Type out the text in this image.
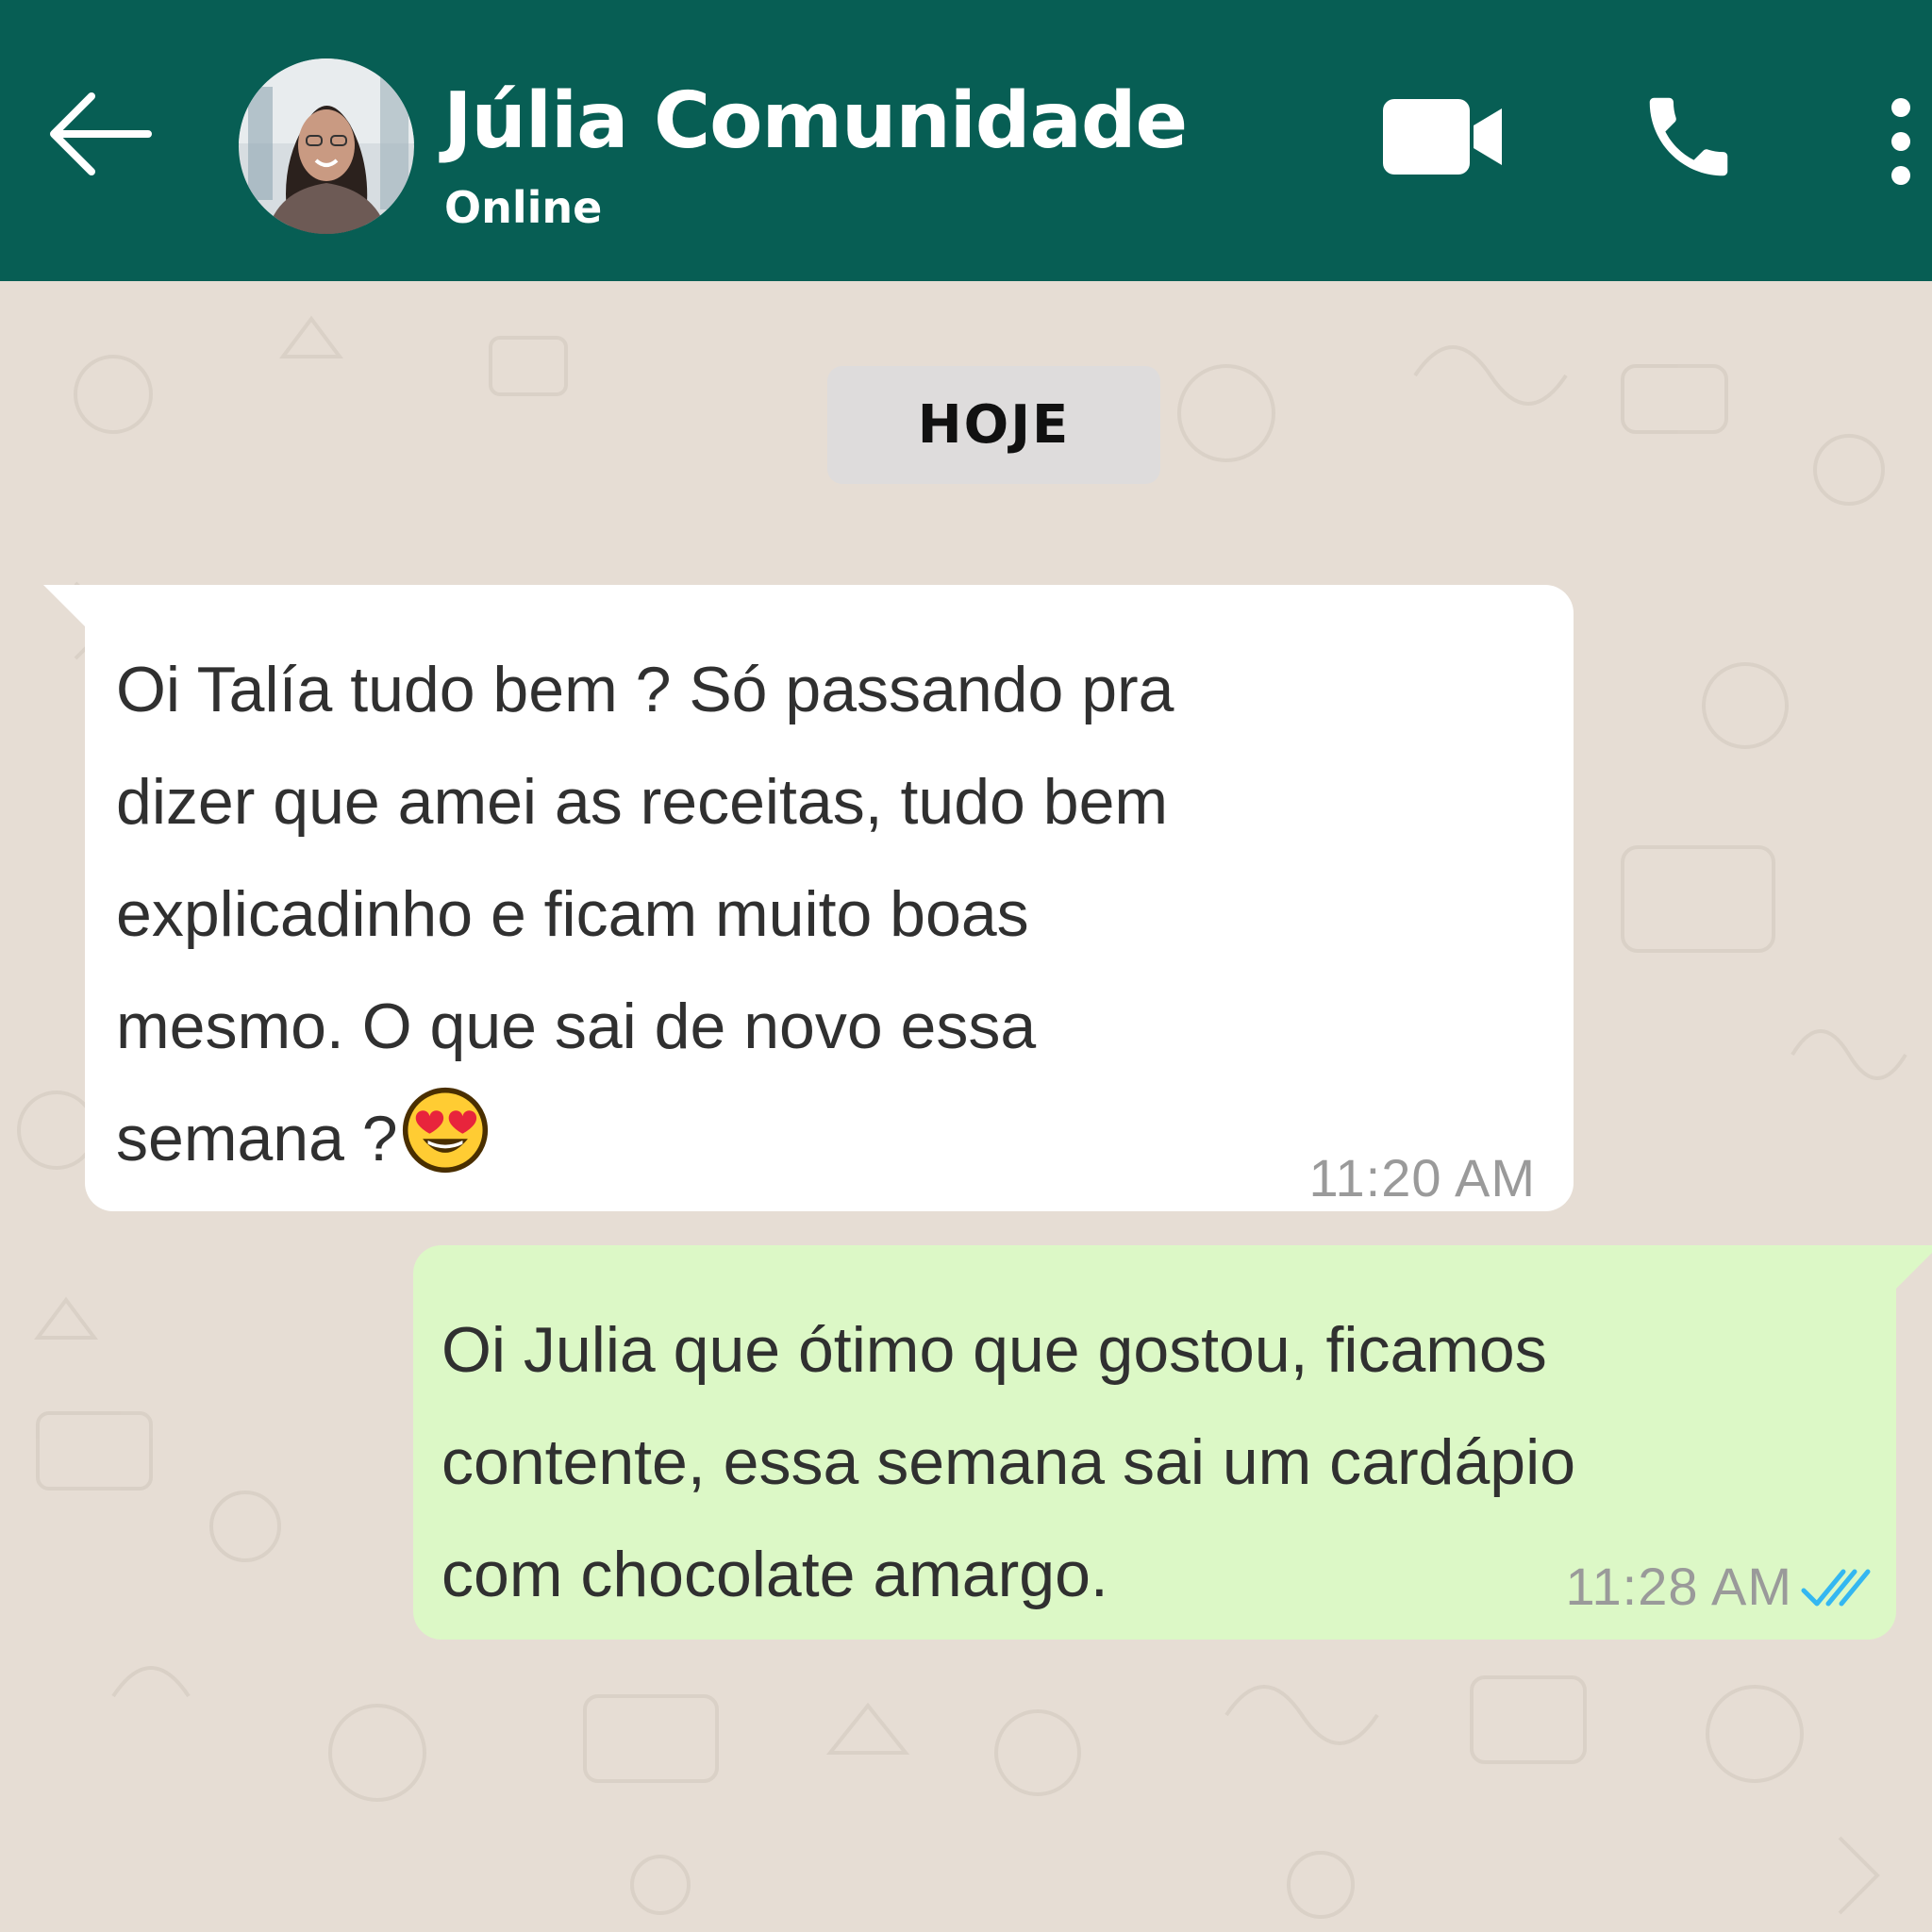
Júlia Comunidade
Online
HOJE
Oi Talía tudo bem ? Só passando pra
dizer que amei as receitas, tudo bem
explicadinho e ficam muito boas
mesmo. O que sai de novo essa
semana ?
11:20 AM
Oi Julia que ótimo que gostou, ficamos
contente, essa semana sai um cardápio
com chocolate amargo.	11:28 AM
